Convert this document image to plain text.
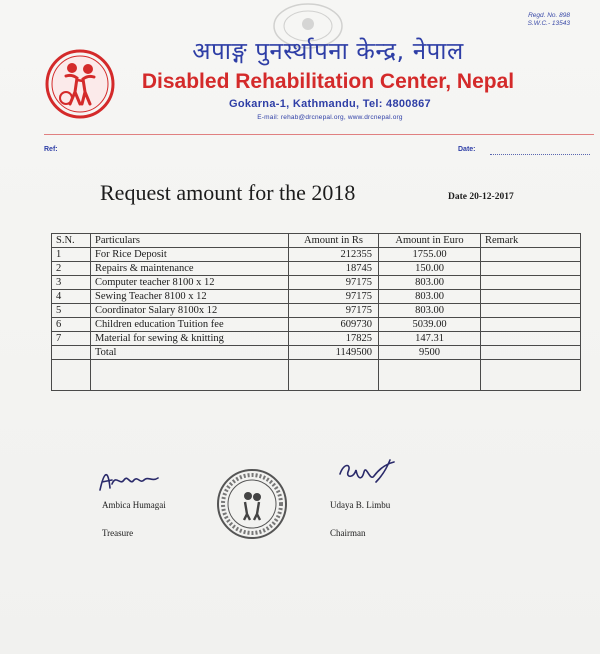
Regd. No. 898
S.W.C.- 13543
अपाङ्ग पुनर्स्थापना केन्द्र, नेपाल
Disabled Rehabilitation Center, Nepal
Gokarna-1, Kathmandu, Tel: 4800867
E-mail: rehab@drcnepal.org, www.drcnepal.org
Ref:	Date:
Request amount for the 2018	Date 20-12-2017
S.N.	Particulars	Amount in Rs	Amount in Euro	Remark
1	For Rice Deposit	212355	1755.00	
2	Repairs & maintenance	18745	150.00	
3	Computer teacher 8100 x 12	97175	803.00	
4	Sewing Teacher 8100 x 12	97175	803.00	
5	Coordinator Salary 8100x 12	97175	803.00	
6	Children education Tuition fee	609730	5039.00	
7	Material for sewing & knitting	17825	147.31	
	Total	1149500	9500	

Ambica Humagai
Treasure
Udaya B. Limbu
Chairman
